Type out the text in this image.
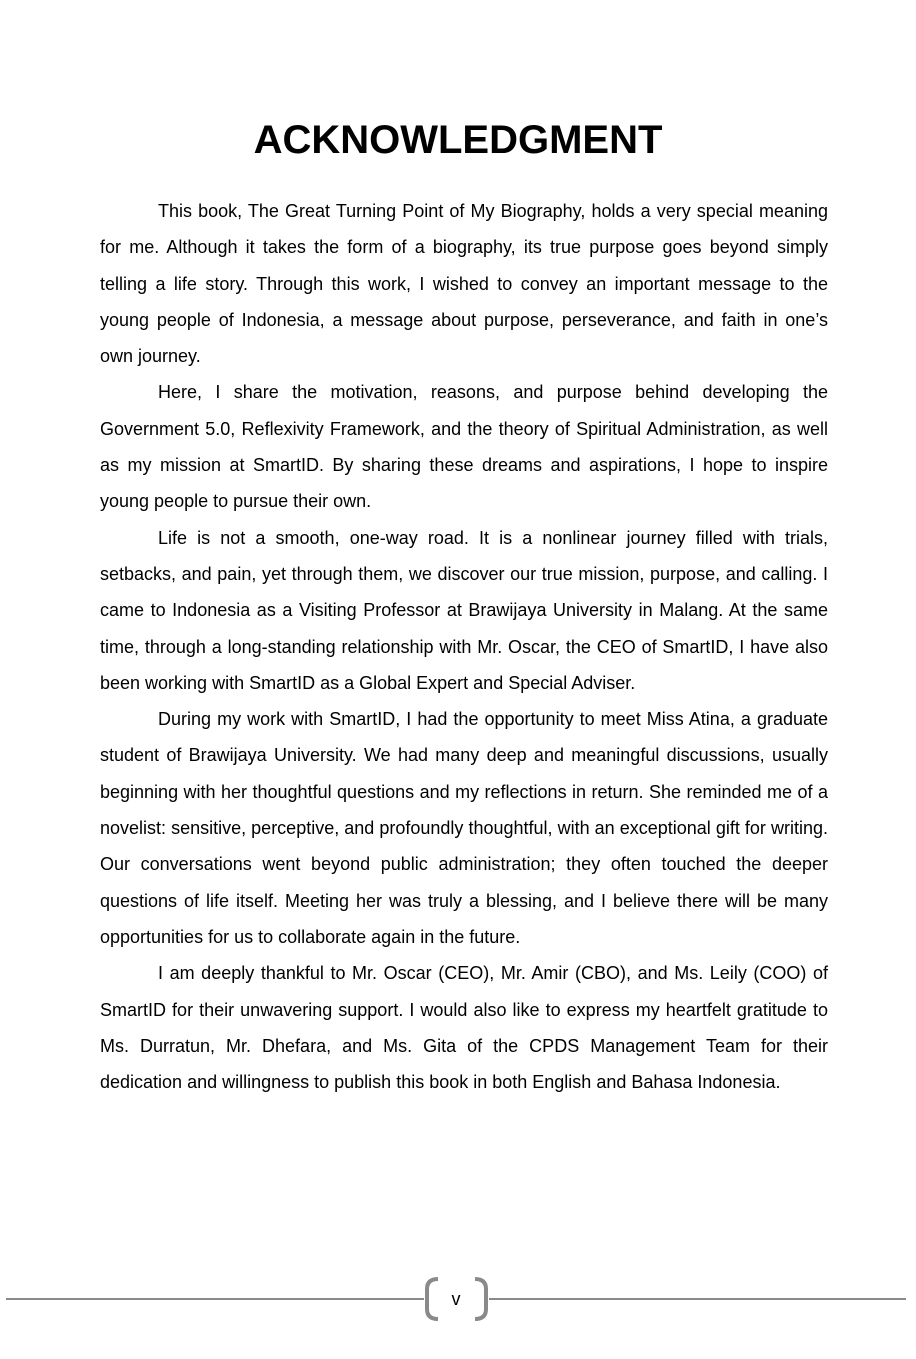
ACKNOWLEDGMENT

This book, The Great Turning Point of My Biography, holds a very special meaning for me. Although it takes the form of a biography, its true purpose goes beyond simply telling a life story. Through this work, I wished to convey an important message to the young people of Indonesia, a message about purpose, perseverance, and faith in one’s own journey.

Here, I share the motivation, reasons, and purpose behind developing the Government 5.0, Reflexivity Framework, and the theory of Spiritual Administration, as well as my mission at SmartID. By sharing these dreams and aspirations, I hope to inspire young people to pursue their own.

Life is not a smooth, one-way road. It is a nonlinear journey filled with trials, setbacks, and pain, yet through them, we discover our true mission, purpose, and calling. I came to Indonesia as a Visiting Professor at Brawijaya University in Malang. At the same time, through a long-standing relationship with Mr. Oscar, the CEO of SmartID, I have also been working with SmartID as a Global Expert and Special Adviser.

During my work with SmartID, I had the opportunity to meet Miss Atina, a graduate student of Brawijaya University. We had many deep and meaningful discussions, usually beginning with her thoughtful questions and my reflections in return. She reminded me of a novelist: sensitive, perceptive, and profoundly thoughtful, with an exceptional gift for writing. Our conversations went beyond public administration; they often touched the deeper questions of life itself. Meeting her was truly a blessing, and I believe there will be many opportunities for us to collaborate again in the future.

I am deeply thankful to Mr. Oscar (CEO), Mr. Amir (CBO), and Ms. Leily (COO) of SmartID for their unwavering support. I would also like to express my heartfelt gratitude to Ms. Durratun, Mr. Dhefara, and Ms. Gita of the CPDS Management Team for their dedication and willingness to publish this book in both English and Bahasa Indonesia.

v
